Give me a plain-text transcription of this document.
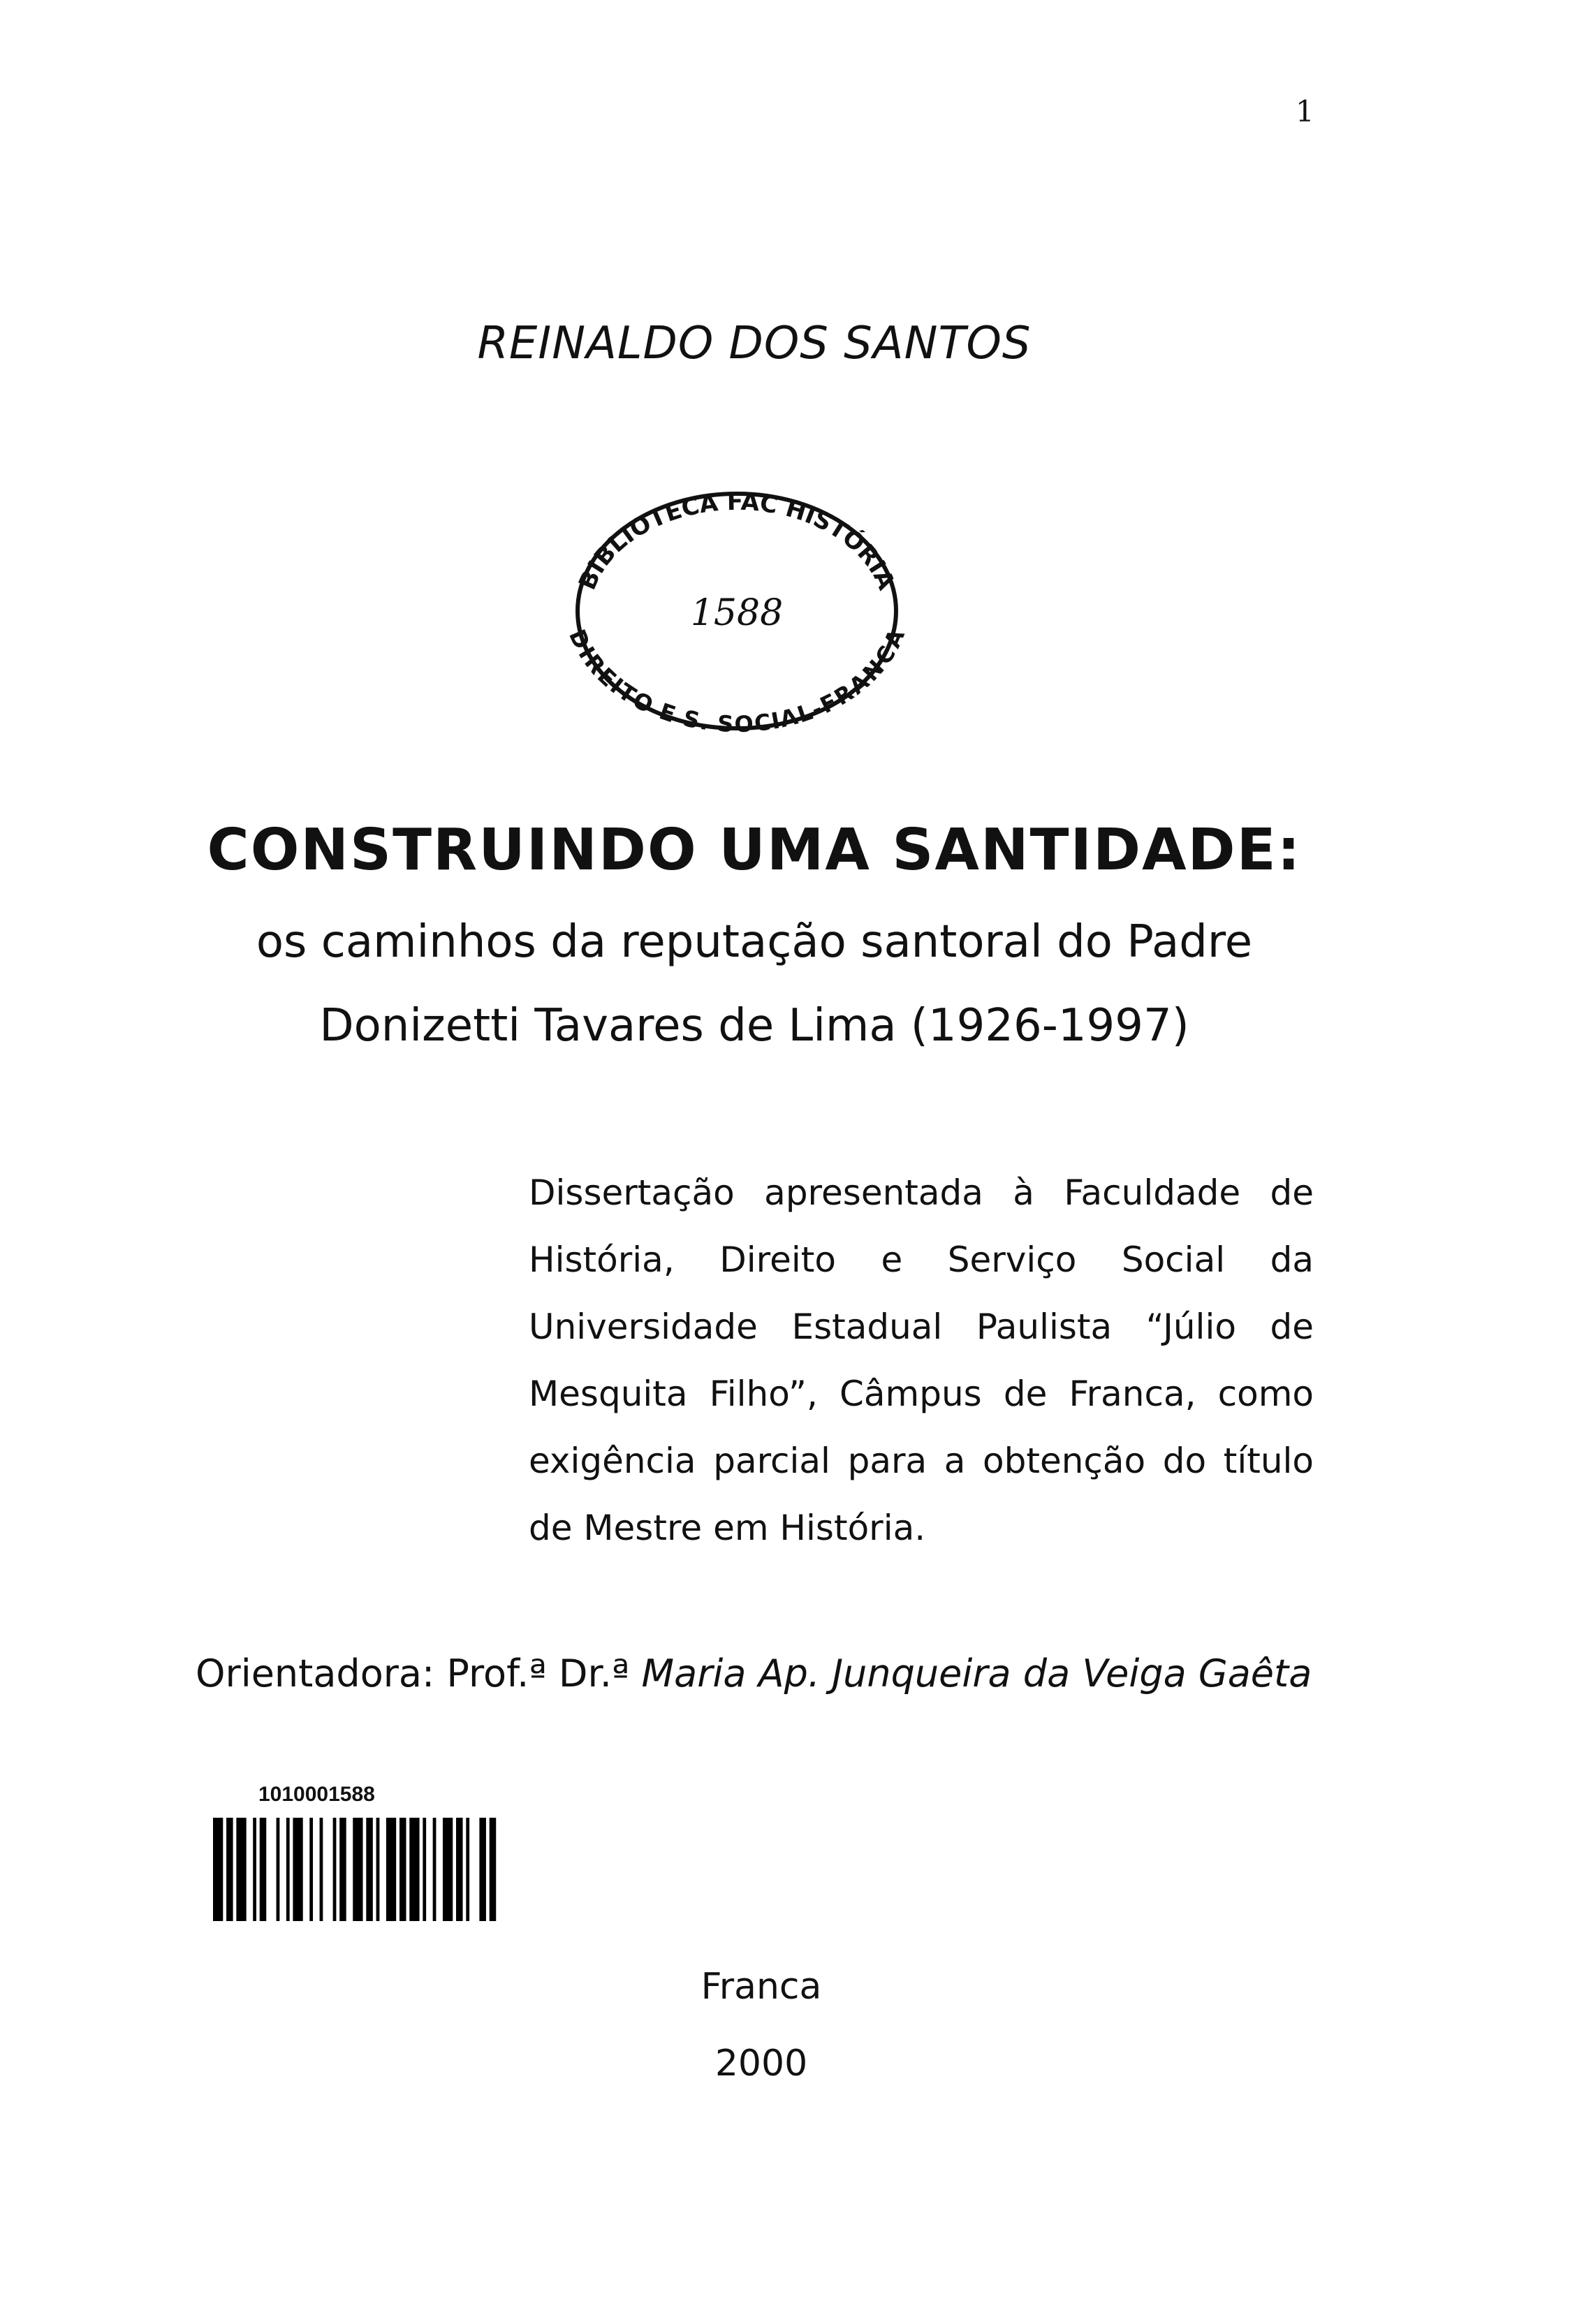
1
REINALDO DOS SANTOS
BIBLIOTECA FAC HISTÓRIA
DIREITO E S. SOCIAL-FRANCA
1588
CONSTRUINDO UMA SANTIDADE:
os caminhos da reputação santoral do Padre
Donizetti Tavares de Lima (1926-1997)
Dissertação apresentada à Faculdade de História, Direito e Serviço Social da Universidade Estadual Paulista “Júlio de Mesquita Filho”, Câmpus de Franca, como exigência parcial para a obtenção do título de Mestre em História.
Orientadora: Prof.ª Dr.ª Maria Ap. Junqueira da Veiga Gaêta
1010001588
Franca
2000
